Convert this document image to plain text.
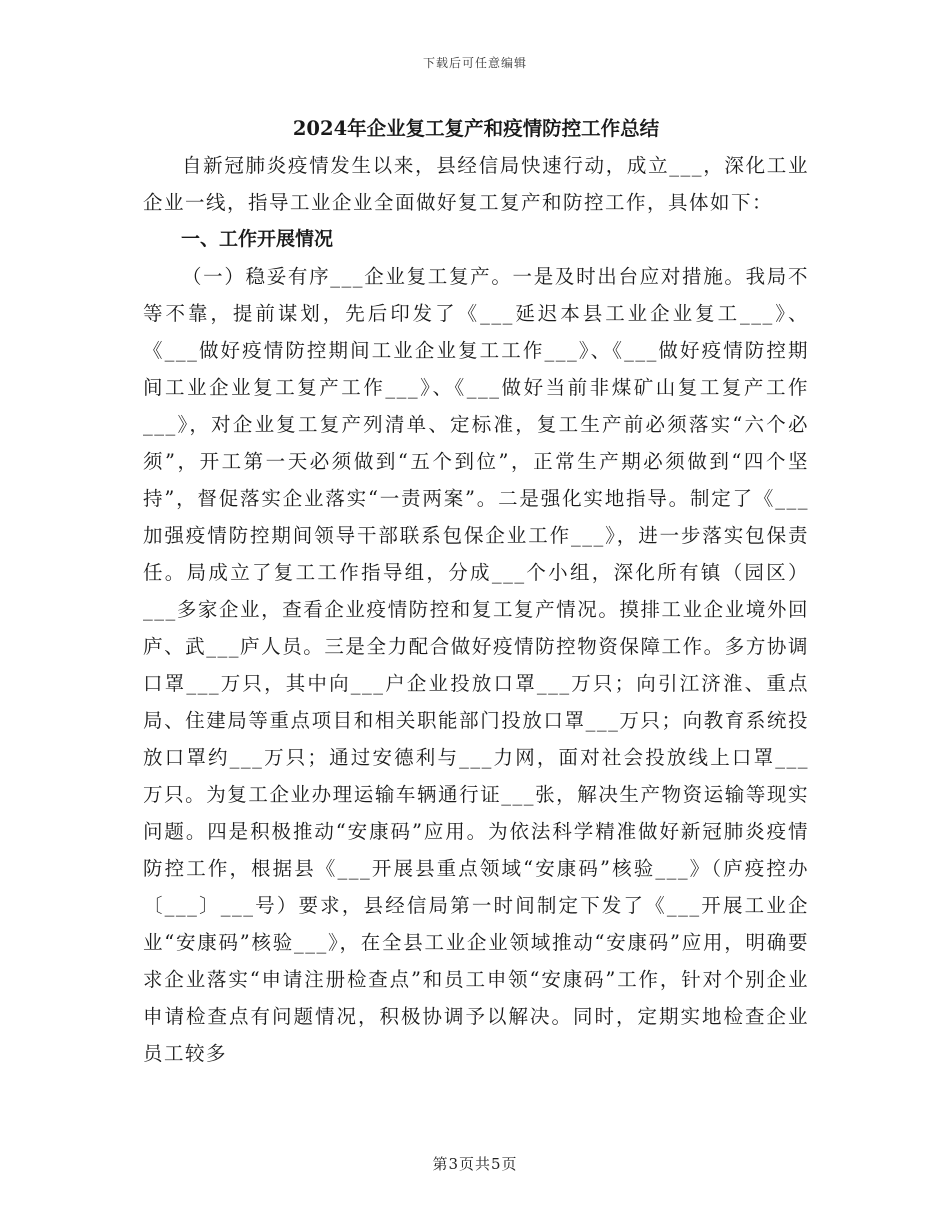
下载后可任意编辑

2024年企业复工复产和疫情防控工作总结

自新冠肺炎疫情发生以来，县经信局快速行动，成立___，深化工业企业一线，指导工业企业全面做好复工复产和防控工作，具体如下：

一、工作开展情况

（一）稳妥有序___企业复工复产。一是及时出台应对措施。我局不等不靠，提前谋划，先后印发了《___延迟本县工业企业复工___》、《___做好疫情防控期间工业企业复工工作___》、《___做好疫情防控期间工业企业复工复产工作___》、《___做好当前非煤矿山复工复产工作___》，对企业复工复产列清单、定标准，复工生产前必须落实“六个必须”，开工第一天必须做到“五个到位”，正常生产期必须做到“四个坚持”，督促落实企业落实“一责两案”。二是强化实地指导。制定了《___加强疫情防控期间领导干部联系包保企业工作___》，进一步落实包保责任。局成立了复工工作指导组，分成___个小组，深化所有镇（园区）___多家企业，查看企业疫情防控和复工复产情况。摸排工业企业境外回庐、武___庐人员。三是全力配合做好疫情防控物资保障工作。多方协调口罩___万只，其中向___户企业投放口罩___万只；向引江济淮、重点局、住建局等重点项目和相关职能部门投放口罩___万只；向教育系统投放口罩约___万只；通过安德利与___力网，面对社会投放线上口罩___万只。为复工企业办理运输车辆通行证___张，解决生产物资运输等现实问题。四是积极推动“安康码”应用。为依法科学精准做好新冠肺炎疫情防控工作，根据县《___开展县重点领域“安康码”核验___》（庐疫控办〔___〕___号）要求，县经信局第一时间制定下发了《___开展工业企业“安康码”核验___》，在全县工业企业领域推动“安康码”应用，明确要求企业落实“申请注册检查点”和员工申领“安康码”工作，针对个别企业申请检查点有问题情况，积极协调予以解决。同时，定期实地检查企业员工较多

第3页共5页
